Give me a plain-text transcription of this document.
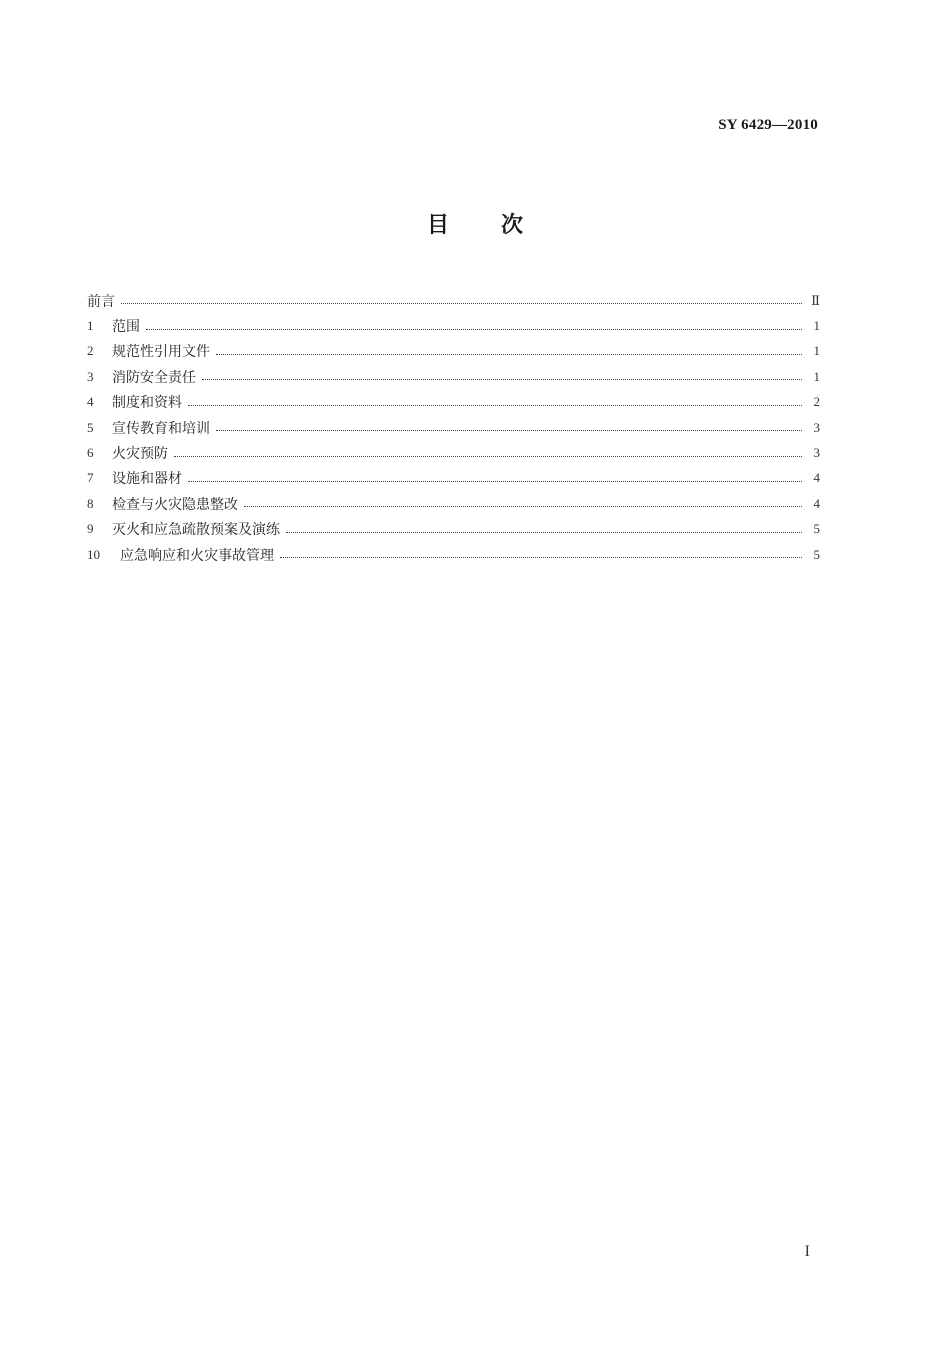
SY 6429—2010
目 次
前言	Ⅱ
1	范围	1
2	规范性引用文件	1
3	消防安全责任	1
4	制度和资料	2
5	宣传教育和培训	3
6	火灾预防	3
7	设施和器材	4
8	检查与火灾隐患整改	4
9	灭火和应急疏散预案及演练	5
10	应急响应和火灾事故管理	5
I
